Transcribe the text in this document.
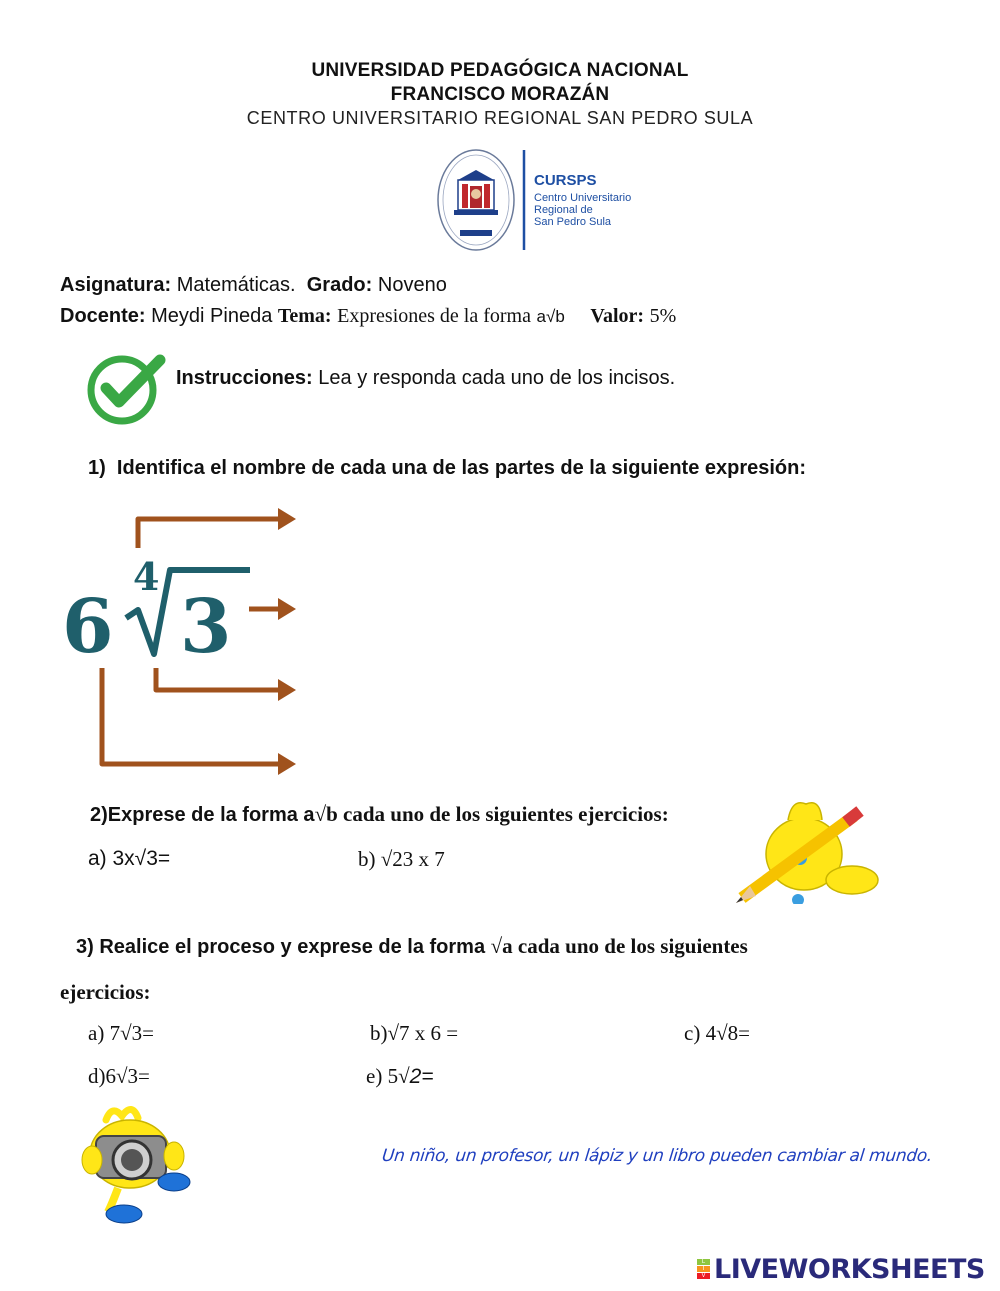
UNIVERSIDAD PEDAGÓGICA NACIONAL
FRANCISCO MORAZÁN
CENTRO UNIVERSITARIO REGIONAL SAN PEDRO SULA
CURSPS
Centro Universitario
Regional de
San Pedro Sula
Asignatura: Matemáticas. Grado: Noveno
Docente: Meydi Pineda Tema: Expresiones de la forma a√b Valor: 5%
Instrucciones: Lea y responda cada uno de los incisos.
1) Identifica el nombre de cada una de las partes de la siguiente expresión:
6
4
3
2)Exprese de la forma a√b cada uno de los siguientes ejercicios:
a) 3x√3=	b) √23 x 7
3) Realice el proceso y exprese de la forma √a cada uno de los siguientes
ejercicios:
a) 7√3=	b)√7 x 6 =	c) 4√8=
d)6√3=	e) 5√2=
Un niño, un profesor, un lápiz y un libro pueden cambiar al mundo.
L
I
V LIVEWORKSHEETS
